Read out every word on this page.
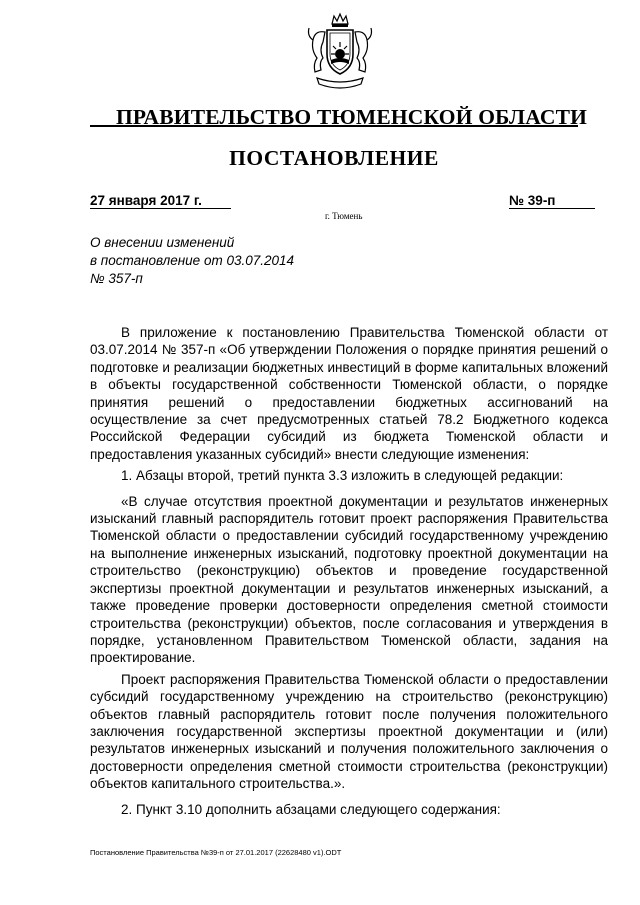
ПРАВИТЕЛЬСТВО ТЮМЕНСКОЙ ОБЛАСТИ
ПОСТАНОВЛЕНИЕ
27 января 2017 г.	№ 39-п
г. Тюмень
О внесении изменений
в постановление от 03.07.2014
№ 357-п

В приложение к постановлению Правительства Тюменской области от 03.07.2014 № 357-п «Об утверждении Положения о порядке принятия решений о подготовке и реализации бюджетных инвестиций в форме капитальных вложений в объекты государственной собственности Тюменской области, о порядке принятия решений о предоставлении бюджетных ассигнований на осуществление за счет предусмотренных статьей 78.2 Бюджетного кодекса Российской Федерации субсидий из бюджета Тюменской области и предоставления указанных субсидий» внести следующие изменения:

1. Абзацы второй, третий пункта 3.3 изложить в следующей редакции:

«В случае отсутствия проектной документации и результатов инженерных изысканий главный распорядитель готовит проект распоряжения Правительства Тюменской области о предоставлении субсидий государственному учреждению на выполнение инженерных изысканий, подготовку проектной документации на строительство (реконструкцию) объектов и проведение государственной экспертизы проектной документации и результатов инженерных изысканий, а также проведение проверки достоверности определения сметной стоимости строительства (реконструкции) объектов, после согласования и утверждения в порядке, установленном Правительством Тюменской области, задания на проектирование.

Проект распоряжения Правительства Тюменской области о предоставлении субсидий государственному учреждению на строительство (реконструкцию) объектов главный распорядитель готовит после получения положительного заключения государственной экспертизы проектной документации и (или) результатов инженерных изысканий и получения положительного заключения о достоверности определения сметной стоимости строительства (реконструкции) объектов капитального строительства.».

2. Пункт 3.10 дополнить абзацами следующего содержания:

Постановление Правительства №39-п от 27.01.2017 (22628480 v1).ODT
